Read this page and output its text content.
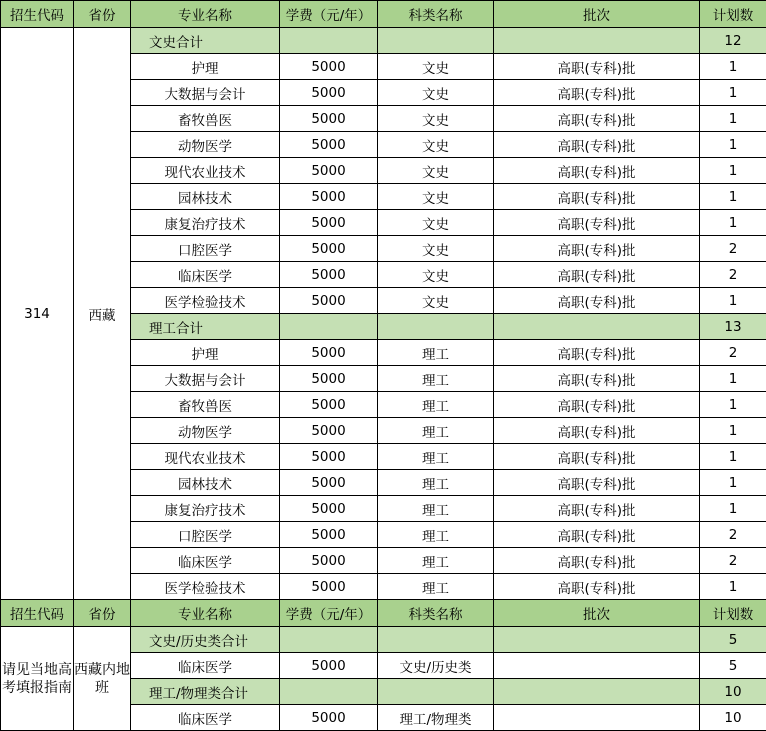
招生代码	省份	专业名称	学费（元/年）	科类名称	批次	计划数
314	西藏	文史合计				12
		护理	5000	文史	高职(专科)批	1
		大数据与会计	5000	文史	高职(专科)批	1
		畜牧兽医	5000	文史	高职(专科)批	1
		动物医学	5000	文史	高职(专科)批	1
		现代农业技术	5000	文史	高职(专科)批	1
		园林技术	5000	文史	高职(专科)批	1
		康复治疗技术	5000	文史	高职(专科)批	1
		口腔医学	5000	文史	高职(专科)批	2
		临床医学	5000	文史	高职(专科)批	2
		医学检验技术	5000	文史	高职(专科)批	1
		理工合计				13
		护理	5000	理工	高职(专科)批	2
		大数据与会计	5000	理工	高职(专科)批	1
		畜牧兽医	5000	理工	高职(专科)批	1
		动物医学	5000	理工	高职(专科)批	1
		现代农业技术	5000	理工	高职(专科)批	1
		园林技术	5000	理工	高职(专科)批	1
		康复治疗技术	5000	理工	高职(专科)批	1
		口腔医学	5000	理工	高职(专科)批	2
		临床医学	5000	理工	高职(专科)批	2
		医学检验技术	5000	理工	高职(专科)批	1
招生代码	省份	专业名称	学费（元/年）	科类名称	批次	计划数
请见当地高考填报指南	西藏内地班	文史/历史类合计				5
		临床医学	5000	文史/历史类		5
		理工/物理类合计				10
		临床医学	5000	理工/物理类		10
